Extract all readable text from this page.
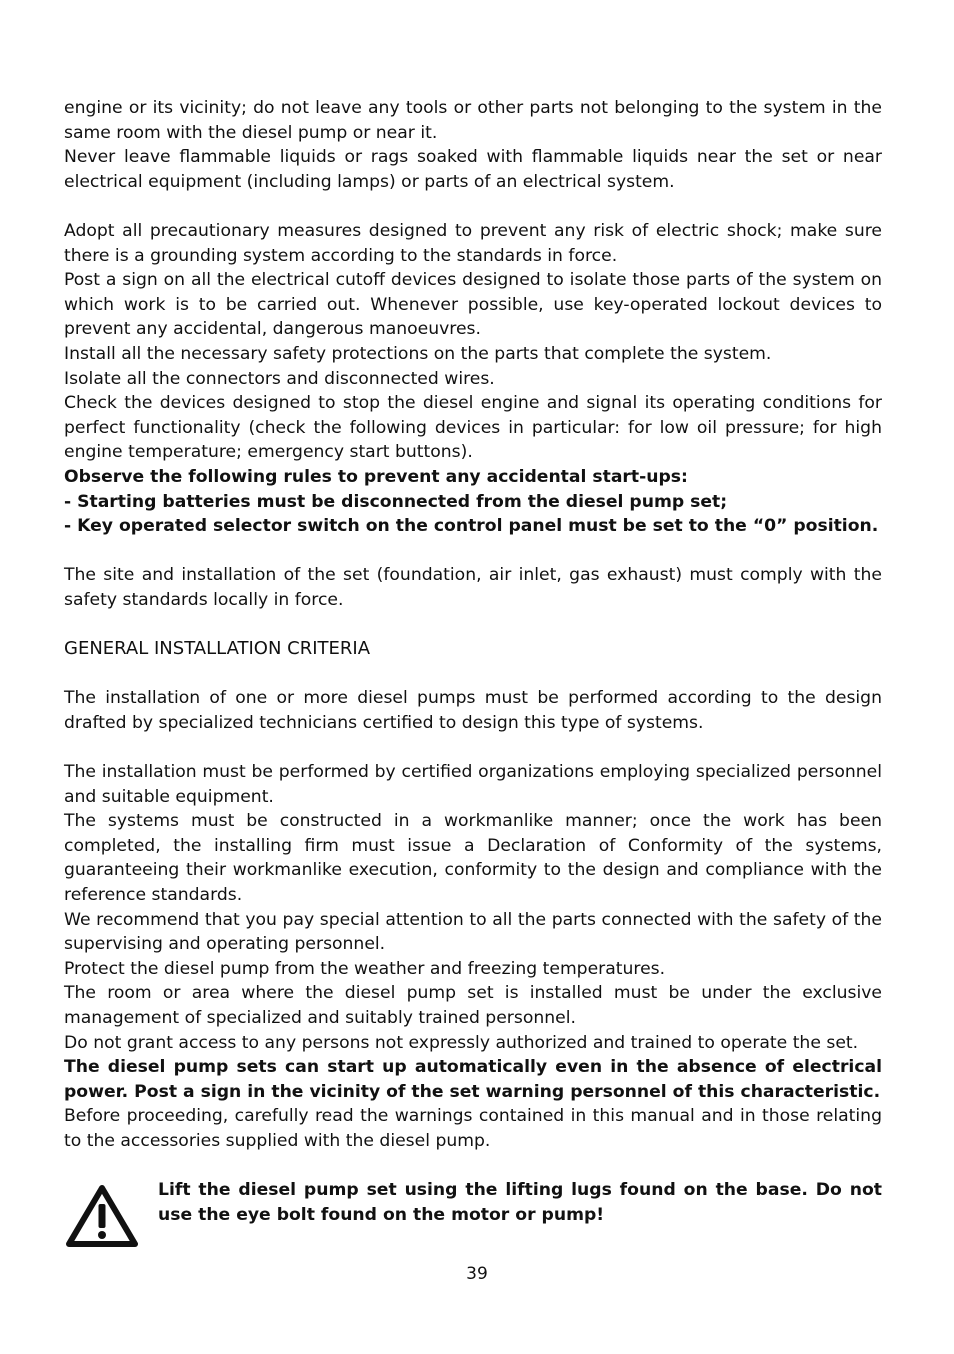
engine or its vicinity; do not leave any tools or other parts not belonging to the system in the same room with the diesel pump or near it.

Never leave flammable liquids or rags soaked with flammable liquids near the set or near electrical equipment (including lamps) or parts of an electrical system.

Adopt all precautionary measures designed to prevent any risk of electric shock; make sure there is a grounding system according to the standards in force.

Post a sign on all the electrical cutoff devices designed to isolate those parts of the system on which work is to be carried out. Whenever possible, use key-operated lockout devices to prevent any accidental, dangerous manoeuvres.

Install all the necessary safety protections on the parts that complete the system.

Isolate all the connectors and disconnected wires.

Check the devices designed to stop the diesel engine and signal its operating conditions for perfect functionality (check the following devices in particular: for low oil pressure; for high engine temperature; emergency start buttons).

Observe the following rules to prevent any accidental start-ups:

- Starting batteries must be disconnected from the diesel pump set;

- Key operated selector switch on the control panel must be set to the “0” position.

The site and installation of the set (foundation, air inlet, gas exhaust) must comply with the safety standards locally in force.

GENERAL INSTALLATION CRITERIA

The installation of one or more diesel pumps must be performed according to the design drafted by specialized technicians certified to design this type of systems.

The installation must be performed by certified organizations employing specialized personnel and suitable equipment.

The systems must be constructed in a workmanlike manner; once the work has been completed, the installing firm must issue a Declaration of Conformity of the systems, guaranteeing their workmanlike execution, conformity to the design and compliance with the reference standards.

We recommend that you pay special attention to all the parts connected with the safety of the supervising and operating personnel.

Protect the diesel pump from the weather and freezing temperatures.

The room or area where the diesel pump set is installed must be under the exclusive management of specialized and suitably trained personnel.

Do not grant access to any persons not expressly authorized and trained to operate the set.

The diesel pump sets can start up automatically even in the absence of electrical power. Post a sign in the vicinity of the set warning personnel of this characteristic.

Before proceeding, carefully read the warnings contained in this manual and in those relating to the accessories supplied with the diesel pump.

Lift the diesel pump set using the lifting lugs found on the base. Do not use the eye bolt found on the motor or pump!

39
